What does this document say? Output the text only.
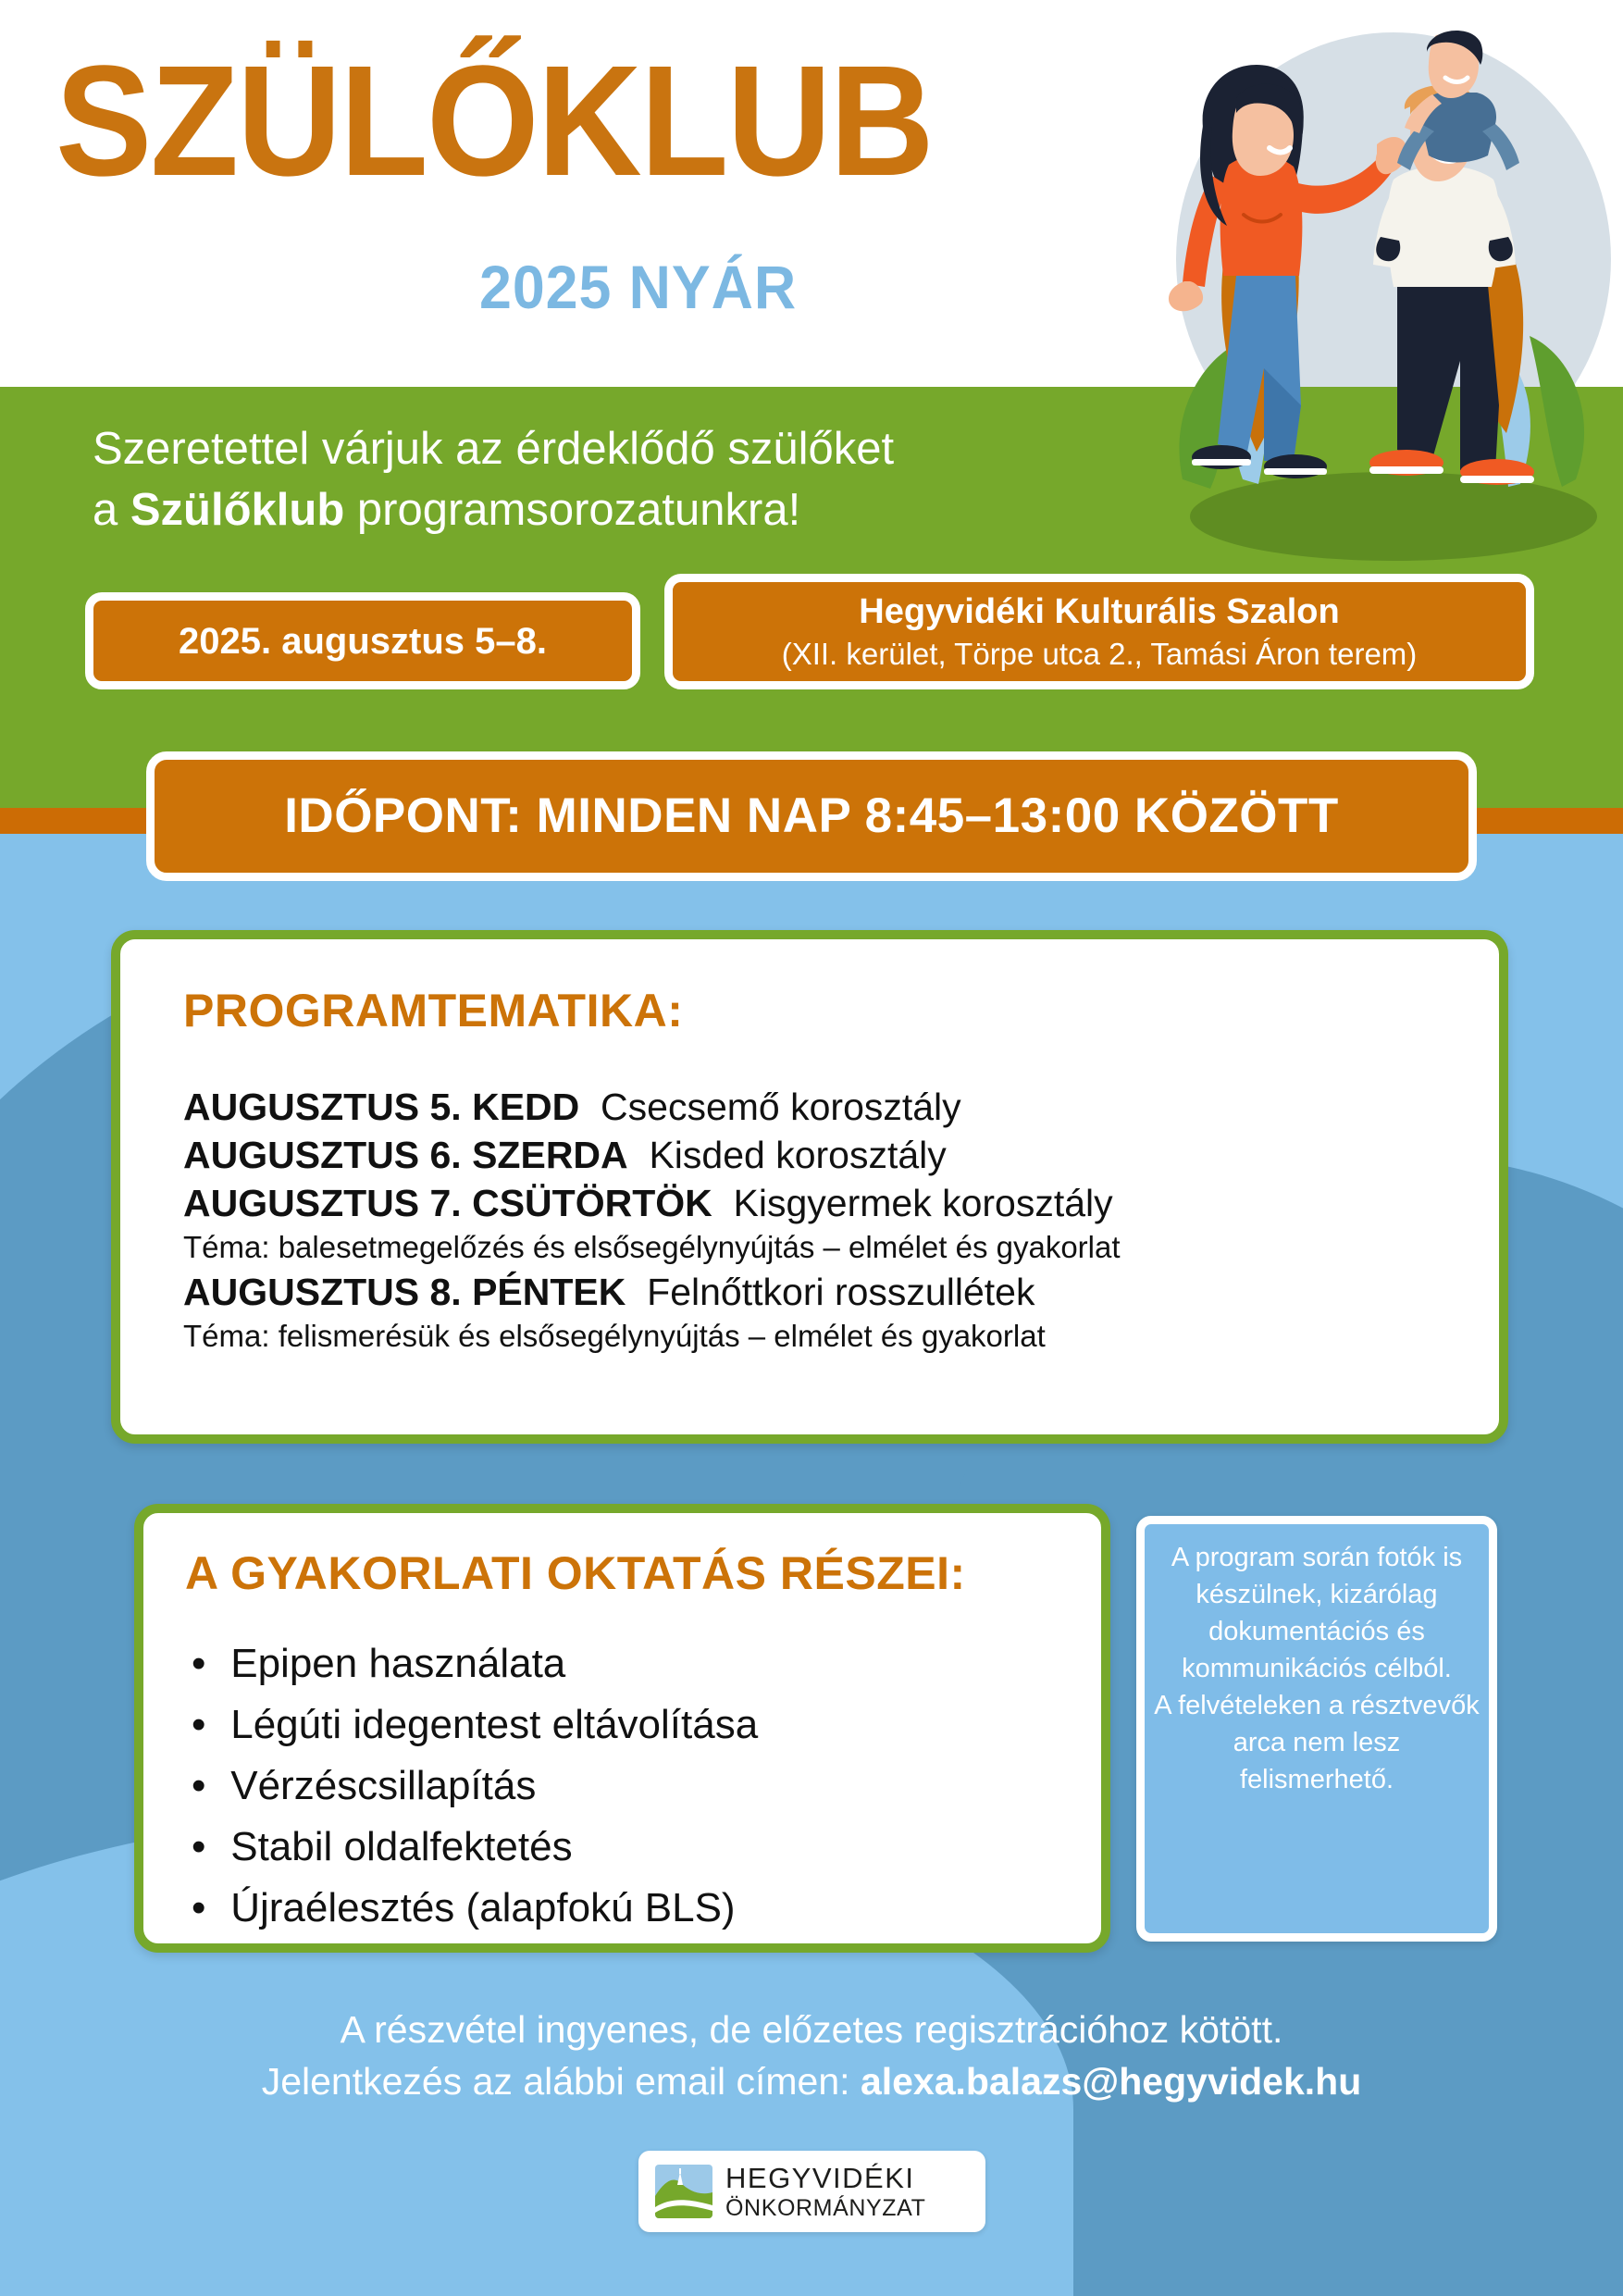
SZÜLŐKLUB
2025 NYÁR
Szeretettel várjuk az érdeklődő szülőket
a Szülőklub programsorozatunkra!
2025. augusztus 5–8.
Hegyvidéki Kulturális Szalon
(XII. kerület, Törpe utca 2., Tamási Áron terem)
IDŐPONT: MINDEN NAP 8:45–13:00 KÖZÖTT
PROGRAMTEMATIKA:
AUGUSZTUS 5. KEDD  Csecsemő korosztály
AUGUSZTUS 6. SZERDA  Kisded korosztály
AUGUSZTUS 7. CSÜTÖRTÖK  Kisgyermek korosztály
Téma: balesetmegelőzés és elsősegélynyújtás – elmélet és gyakorlat
AUGUSZTUS 8. PÉNTEK  Felnőttkori rosszullétek
Téma: felismerésük és elsősegélynyújtás – elmélet és gyakorlat
A GYAKORLATI OKTATÁS RÉSZEI:
• Epipen használata
• Légúti idegentest eltávolítása
• Vérzéscsillapítás
• Stabil oldalfektetés
• Újraélesztés (alapfokú BLS)
A program során fotók is készülnek, kizárólag dokumentációs és kommunikációs célból.
A felvételeken a résztvevők arca nem lesz felismerhető.
A részvétel ingyenes, de előzetes regisztrációhoz kötött.
Jelentkezés az alábbi email címen: alexa.balazs@hegyvidek.hu
HEGYVIDÉKI
ÖNKORMÁNYZAT
